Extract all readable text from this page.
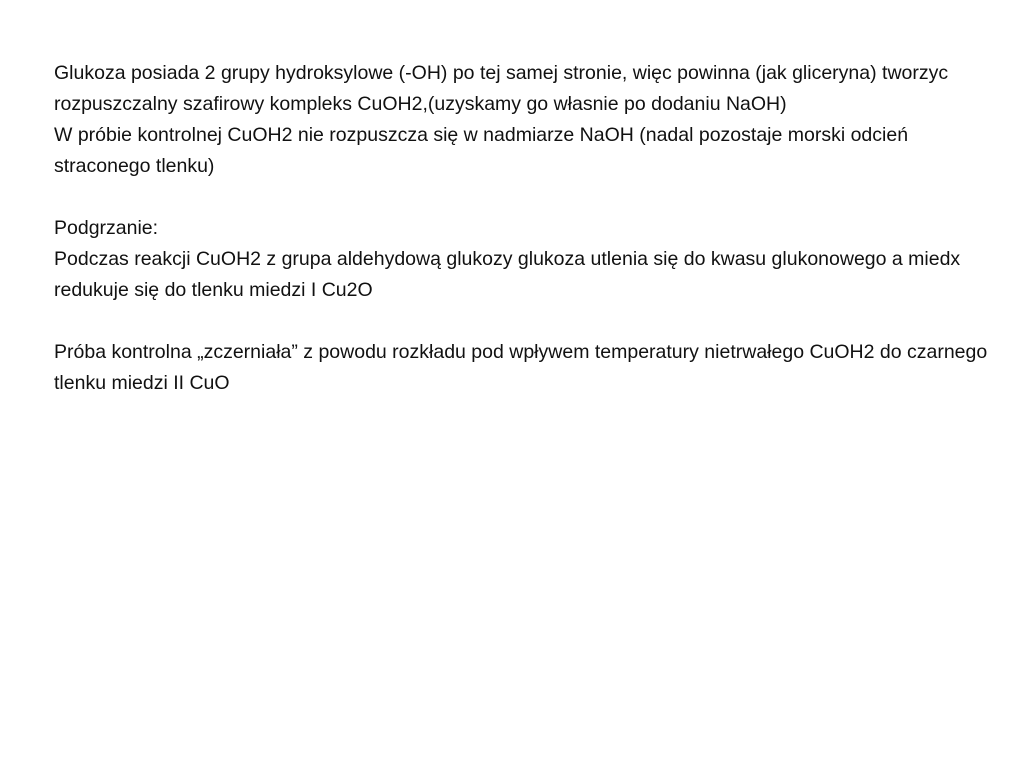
Glukoza posiada 2 grupy hydroksylowe (-OH) po tej samej stronie, więc powinna (jak gliceryna) tworzyc rozpuszczalny szafirowy kompleks CuOH2,(uzyskamy go własnie po dodaniu NaOH)

W próbie kontrolnej CuOH2 nie rozpuszcza się w nadmiarze NaOH (nadal pozostaje morski odcień straconego tlenku)

Podgrzanie:

Podczas reakcji CuOH2 z grupa aldehydową glukozy glukoza utlenia się do kwasu glukonowego a miedx redukuje się do tlenku miedzi I Cu2O

Próba kontrolna „zczerniała” z powodu rozkładu pod wpływem temperatury nietrwałego CuOH2 do czarnego tlenku miedzi II CuO
